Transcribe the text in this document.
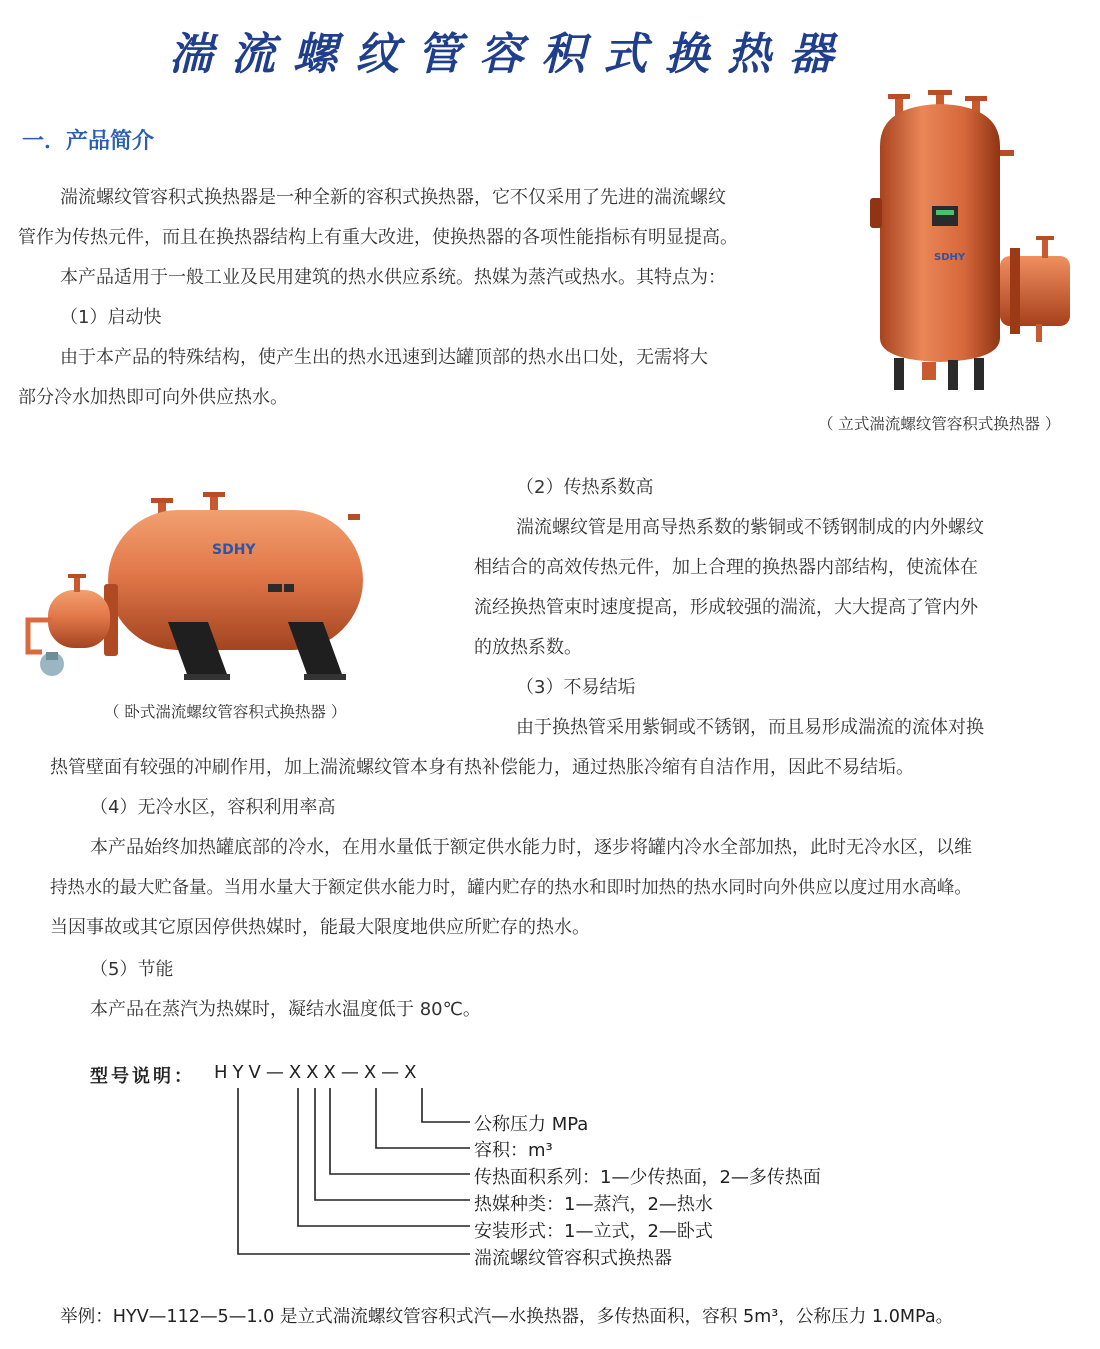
湍流螺纹管容积式换热器
一．产品简介
湍流螺纹管容积式换热器是一种全新的容积式换热器，它不仅采用了先进的湍流螺纹
管作为传热元件，而且在换热器结构上有重大改进，使换热器的各项性能指标有明显提高。
本产品适用于一般工业及民用建筑的热水供应系统。热媒为蒸汽或热水。其特点为：
（1）启动快
由于本产品的特殊结构，使产生出的热水迅速到达罐顶部的热水出口处，无需将大
部分冷水加热即可向外供应热水。
SDHY
（ 立式湍流螺纹管容积式换热器 ）
SDHY
（ 卧式湍流螺纹管容积式换热器 ）
（2）传热系数高
湍流螺纹管是用高导热系数的紫铜或不锈钢制成的内外螺纹
相结合的高效传热元件，加上合理的换热器内部结构，使流体在
流经换热管束时速度提高，形成较强的湍流，大大提高了管内外
的放热系数。
（3）不易结垢
由于换热管采用紫铜或不锈钢，而且易形成湍流的流体对换
热管壁面有较强的冲刷作用，加上湍流螺纹管本身有热补偿能力，通过热胀冷缩有自洁作用，因此不易结垢。
（4）无冷水区，容积利用率高
本产品始终加热罐底部的冷水，在用水量低于额定供水能力时，逐步将罐内冷水全部加热，此时无冷水区，以维
持热水的最大贮备量。当用水量大于额定供水能力时，罐内贮存的热水和即时加热的热水同时向外供应以度过用水高峰。
当因事故或其它原因停供热媒时，能最大限度地供应所贮存的热水。
（5）节能
本产品在蒸汽为热媒时，凝结水温度低于 80℃。
型号说明： HYV—XXX—X—X
公称压力 MPa
容积：m³
传热面积系列：1—少传热面，2—多传热面
热媒种类：1—蒸汽，2—热水
安装形式：1—立式，2—卧式
湍流螺纹管容积式换热器
举例：HYV—112—5—1.0 是立式湍流螺纹管容积式汽—水换热器，多传热面积，容积 5m³，公称压力 1.0MPa。
